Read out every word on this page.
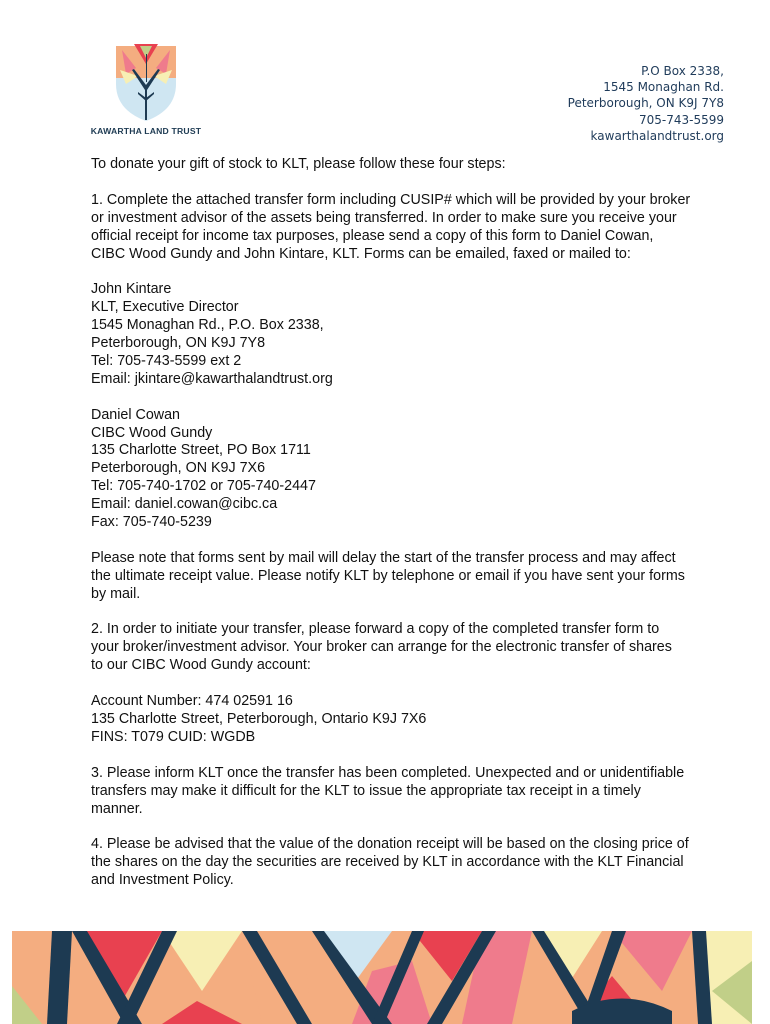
KAWARTHA LAND TRUST
P.O Box 2338,
1545 Monaghan Rd.
Peterborough, ON K9J 7Y8
705-743-5599
kawarthalandtrust.org

To donate your gift of stock to KLT, please follow these four steps:

1. Complete the attached transfer form including CUSIP# which will be provided by your broker
or investment advisor of the assets being transferred. In order to make sure you receive your
official receipt for income tax purposes, please send a copy of this form to Daniel Cowan,
CIBC Wood Gundy and John Kintare, KLT. Forms can be emailed, faxed or mailed to:

John Kintare
KLT, Executive Director
1545 Monaghan Rd., P.O. Box 2338,
Peterborough, ON K9J 7Y8
Tel: 705-743-5599 ext 2
Email: jkintare@kawarthalandtrust.org

Daniel Cowan
CIBC Wood Gundy
135 Charlotte Street, PO Box 1711
Peterborough, ON K9J 7X6
Tel: 705-740-1702 or 705-740-2447
Email: daniel.cowan@cibc.ca
Fax: 705-740-5239

Please note that forms sent by mail will delay the start of the transfer process and may affect
the ultimate receipt value. Please notify KLT by telephone or email if you have sent your forms
by mail.

2. In order to initiate your transfer, please forward a copy of the completed transfer form to
your broker/investment advisor. Your broker can arrange for the electronic transfer of shares
to our CIBC Wood Gundy account:

Account Number: 474 02591 16
135 Charlotte Street, Peterborough, Ontario K9J 7X6
FINS: T079 CUID: WGDB

3. Please inform KLT once the transfer has been completed. Unexpected and or unidentifiable
transfers may make it difficult for the KLT to issue the appropriate tax receipt in a timely
manner.

4. Please be advised that the value of the donation receipt will be based on the closing price of
the shares on the day the securities are received by KLT in accordance with the KLT Financial
and Investment Policy.
